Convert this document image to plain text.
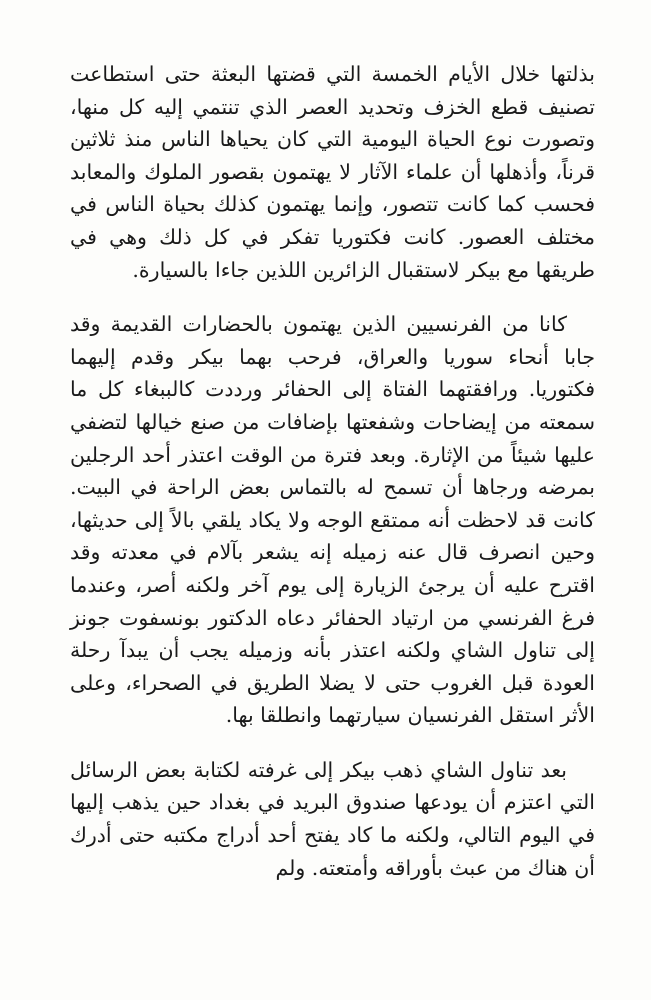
بذلتها خلال الأيام الخمسة التي قضتها البعثة حتى استطاعت تصنيف قطع الخزف وتحديد العصر الذي تنتمي إليه كل منها، وتصورت نوع الحياة اليومية التي كان يحياها الناس منذ ثلاثين قرناً، وأذهلها أن علماء الآثار لا يهتمون بقصور الملوك والمعابد فحسب كما كانت تتصور، وإنما يهتمون كذلك بحياة الناس في مختلف العصور. كانت فكتوريا تفكر في كل ذلك وهي في طريقها مع بيكر لاستقبال الزائرين اللذين جاءا بالسيارة.

كانا من الفرنسيين الذين يهتمون بالحضارات القديمة وقد جابا أنحاء سوريا والعراق، فرحب بهما بيكر وقدم إليهما فكتوريا. ورافقتهما الفتاة إلى الحفائر ورددت كالببغاء كل ما سمعته من إيضاحات وشفعتها بإضافات من صنع خيالها لتضفي عليها شيئاً من الإثارة. وبعد فترة من الوقت اعتذر أحد الرجلين بمرضه ورجاها أن تسمح له بالتماس بعض الراحة في البيت. كانت قد لاحظت أنه ممتقع الوجه ولا يكاد يلقي بالاً إلى حديثها، وحين انصرف قال عنه زميله إنه يشعر بآلام في معدته وقد اقترح عليه أن يرجئ الزيارة إلى يوم آخر ولكنه أصر، وعندما فرغ الفرنسي من ارتياد الحفائر دعاه الدكتور بونسفوت جونز إلى تناول الشاي ولكنه اعتذر بأنه وزميله يجب أن يبدآ رحلة العودة قبل الغروب حتى لا يضلا الطريق في الصحراء، وعلى الأثر استقل الفرنسيان سيارتهما وانطلقا بها.

بعد تناول الشاي ذهب بيكر إلى غرفته لكتابة بعض الرسائل التي اعتزم أن يودعها صندوق البريد في بغداد حين يذهب إليها في اليوم التالي، ولكنه ما كاد يفتح أحد أدراج مكتبه حتى أدرك أن هناك من عبث بأوراقه وأمتعته. ولم
